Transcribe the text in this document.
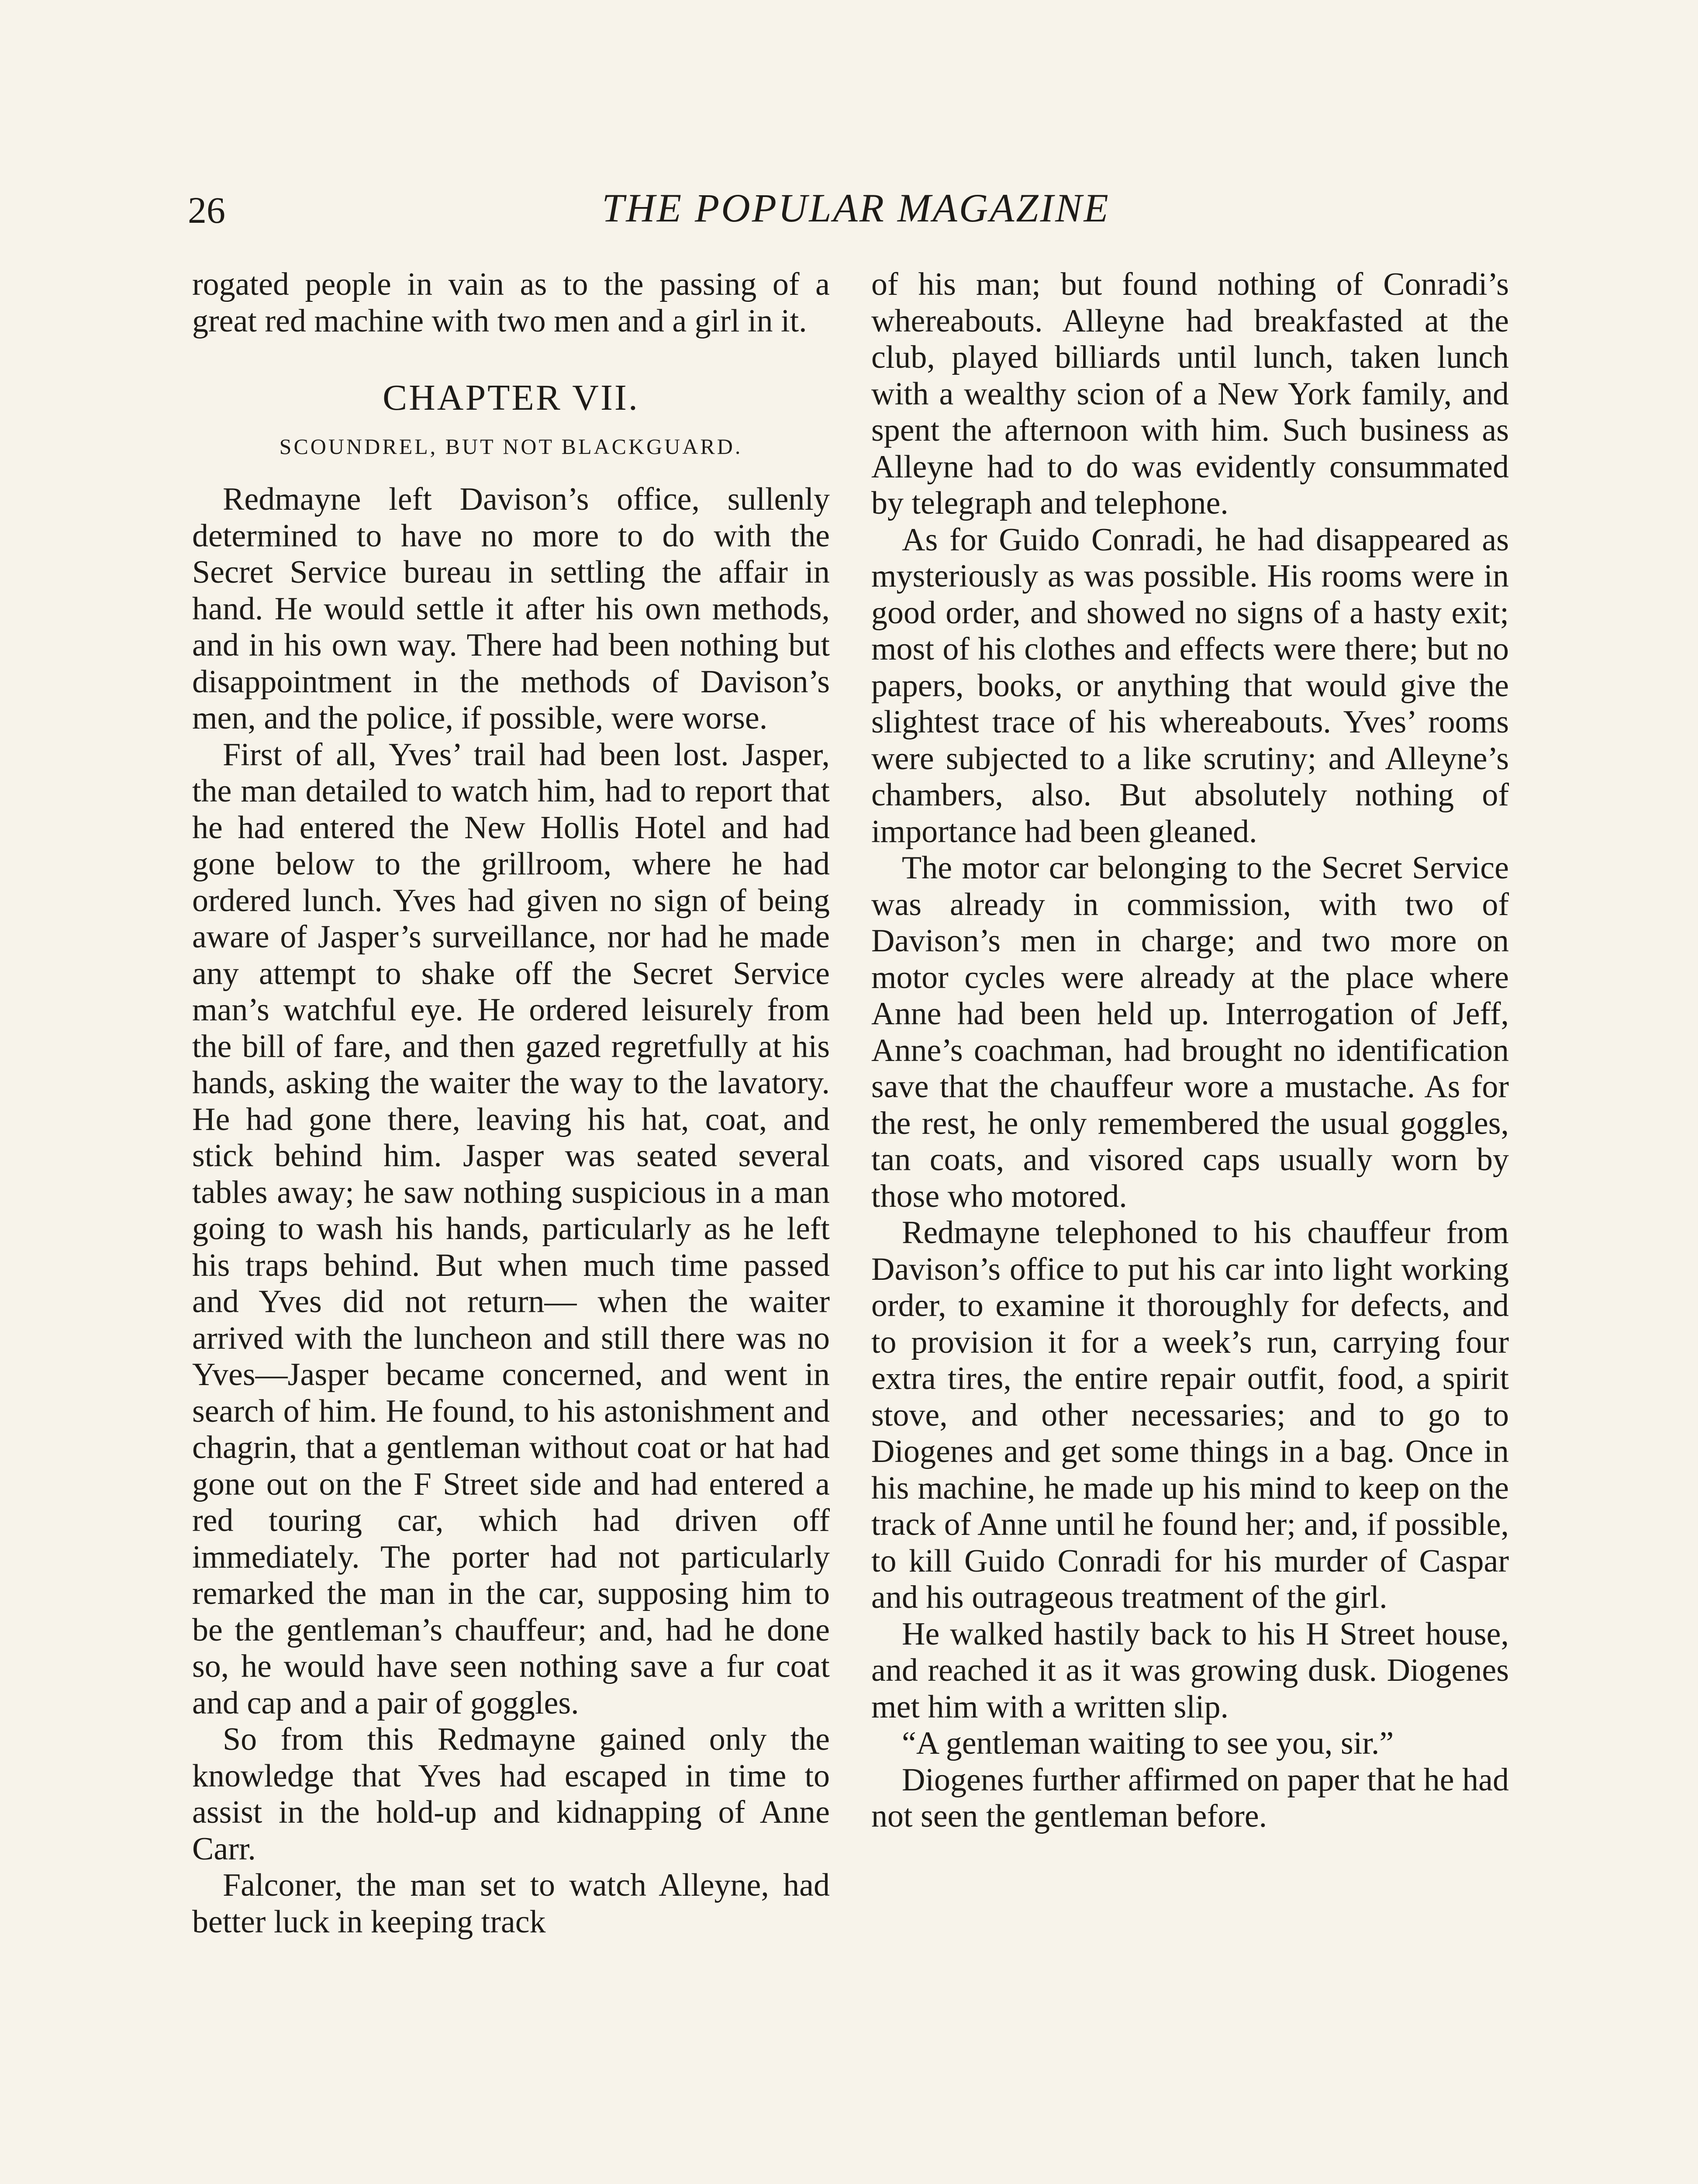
26	THE POPULAR MAGAZINE

rogated people in vain as to the passing of a great red machine with two men and a girl in it.

CHAPTER VII.
SCOUNDREL, BUT NOT BLACKGUARD.

Redmayne left Davison’s office, sullenly determined to have no more to do with the Secret Service bureau in settling the affair in hand. He would settle it after his own methods, and in his own way. There had been nothing but disappointment in the methods of Davison’s men, and the police, if possible, were worse.

First of all, Yves’ trail had been lost. Jasper, the man detailed to watch him, had to report that he had entered the New Hollis Hotel and had gone below to the grillroom, where he had ordered lunch. Yves had given no sign of being aware of Jasper’s surveillance, nor had he made any attempt to shake off the Secret Service man’s watchful eye. He ordered leisurely from the bill of fare, and then gazed regretfully at his hands, asking the waiter the way to the lavatory. He had gone there, leaving his hat, coat, and stick behind him. Jasper was seated several tables away; he saw nothing suspicious in a man going to wash his hands, particularly as he left his traps behind. But when much time passed and Yves did not return— when the waiter arrived with the luncheon and still there was no Yves—Jasper became concerned, and went in search of him. He found, to his astonishment and chagrin, that a gentleman without coat or hat had gone out on the F Street side and had entered a red touring car, which had driven off immediately. The porter had not particularly remarked the man in the car, supposing him to be the gentleman’s chauffeur; and, had he done so, he would have seen nothing save a fur coat and cap and a pair of goggles.

So from this Redmayne gained only the knowledge that Yves had escaped in time to assist in the hold-up and kidnapping of Anne Carr.

Falconer, the man set to watch Alleyne, had better luck in keeping track

of his man; but found nothing of Conradi’s whereabouts. Alleyne had breakfasted at the club, played billiards until lunch, taken lunch with a wealthy scion of a New York family, and spent the afternoon with him. Such business as Alleyne had to do was evidently consummated by telegraph and telephone.

As for Guido Conradi, he had disappeared as mysteriously as was possible. His rooms were in good order, and showed no signs of a hasty exit; most of his clothes and effects were there; but no papers, books, or anything that would give the slightest trace of his whereabouts. Yves’ rooms were subjected to a like scrutiny; and Alleyne’s chambers, also. But absolutely nothing of importance had been gleaned.

The motor car belonging to the Secret Service was already in commission, with two of Davison’s men in charge; and two more on motor cycles were already at the place where Anne had been held up. Interrogation of Jeff, Anne’s coachman, had brought no identification save that the chauffeur wore a mustache. As for the rest, he only remembered the usual goggles, tan coats, and visored caps usually worn by those who motored.

Redmayne telephoned to his chauffeur from Davison’s office to put his car into light working order, to examine it thoroughly for defects, and to provision it for a week’s run, carrying four extra tires, the entire repair outfit, food, a spirit stove, and other necessaries; and to go to Diogenes and get some things in a bag. Once in his machine, he made up his mind to keep on the track of Anne until he found her; and, if possible, to kill Guido Conradi for his murder of Caspar and his outrageous treatment of the girl.

He walked hastily back to his H Street house, and reached it as it was growing dusk. Diogenes met him with a written slip.

“A gentleman waiting to see you, sir.”

Diogenes further affirmed on paper that he had not seen the gentleman before.
